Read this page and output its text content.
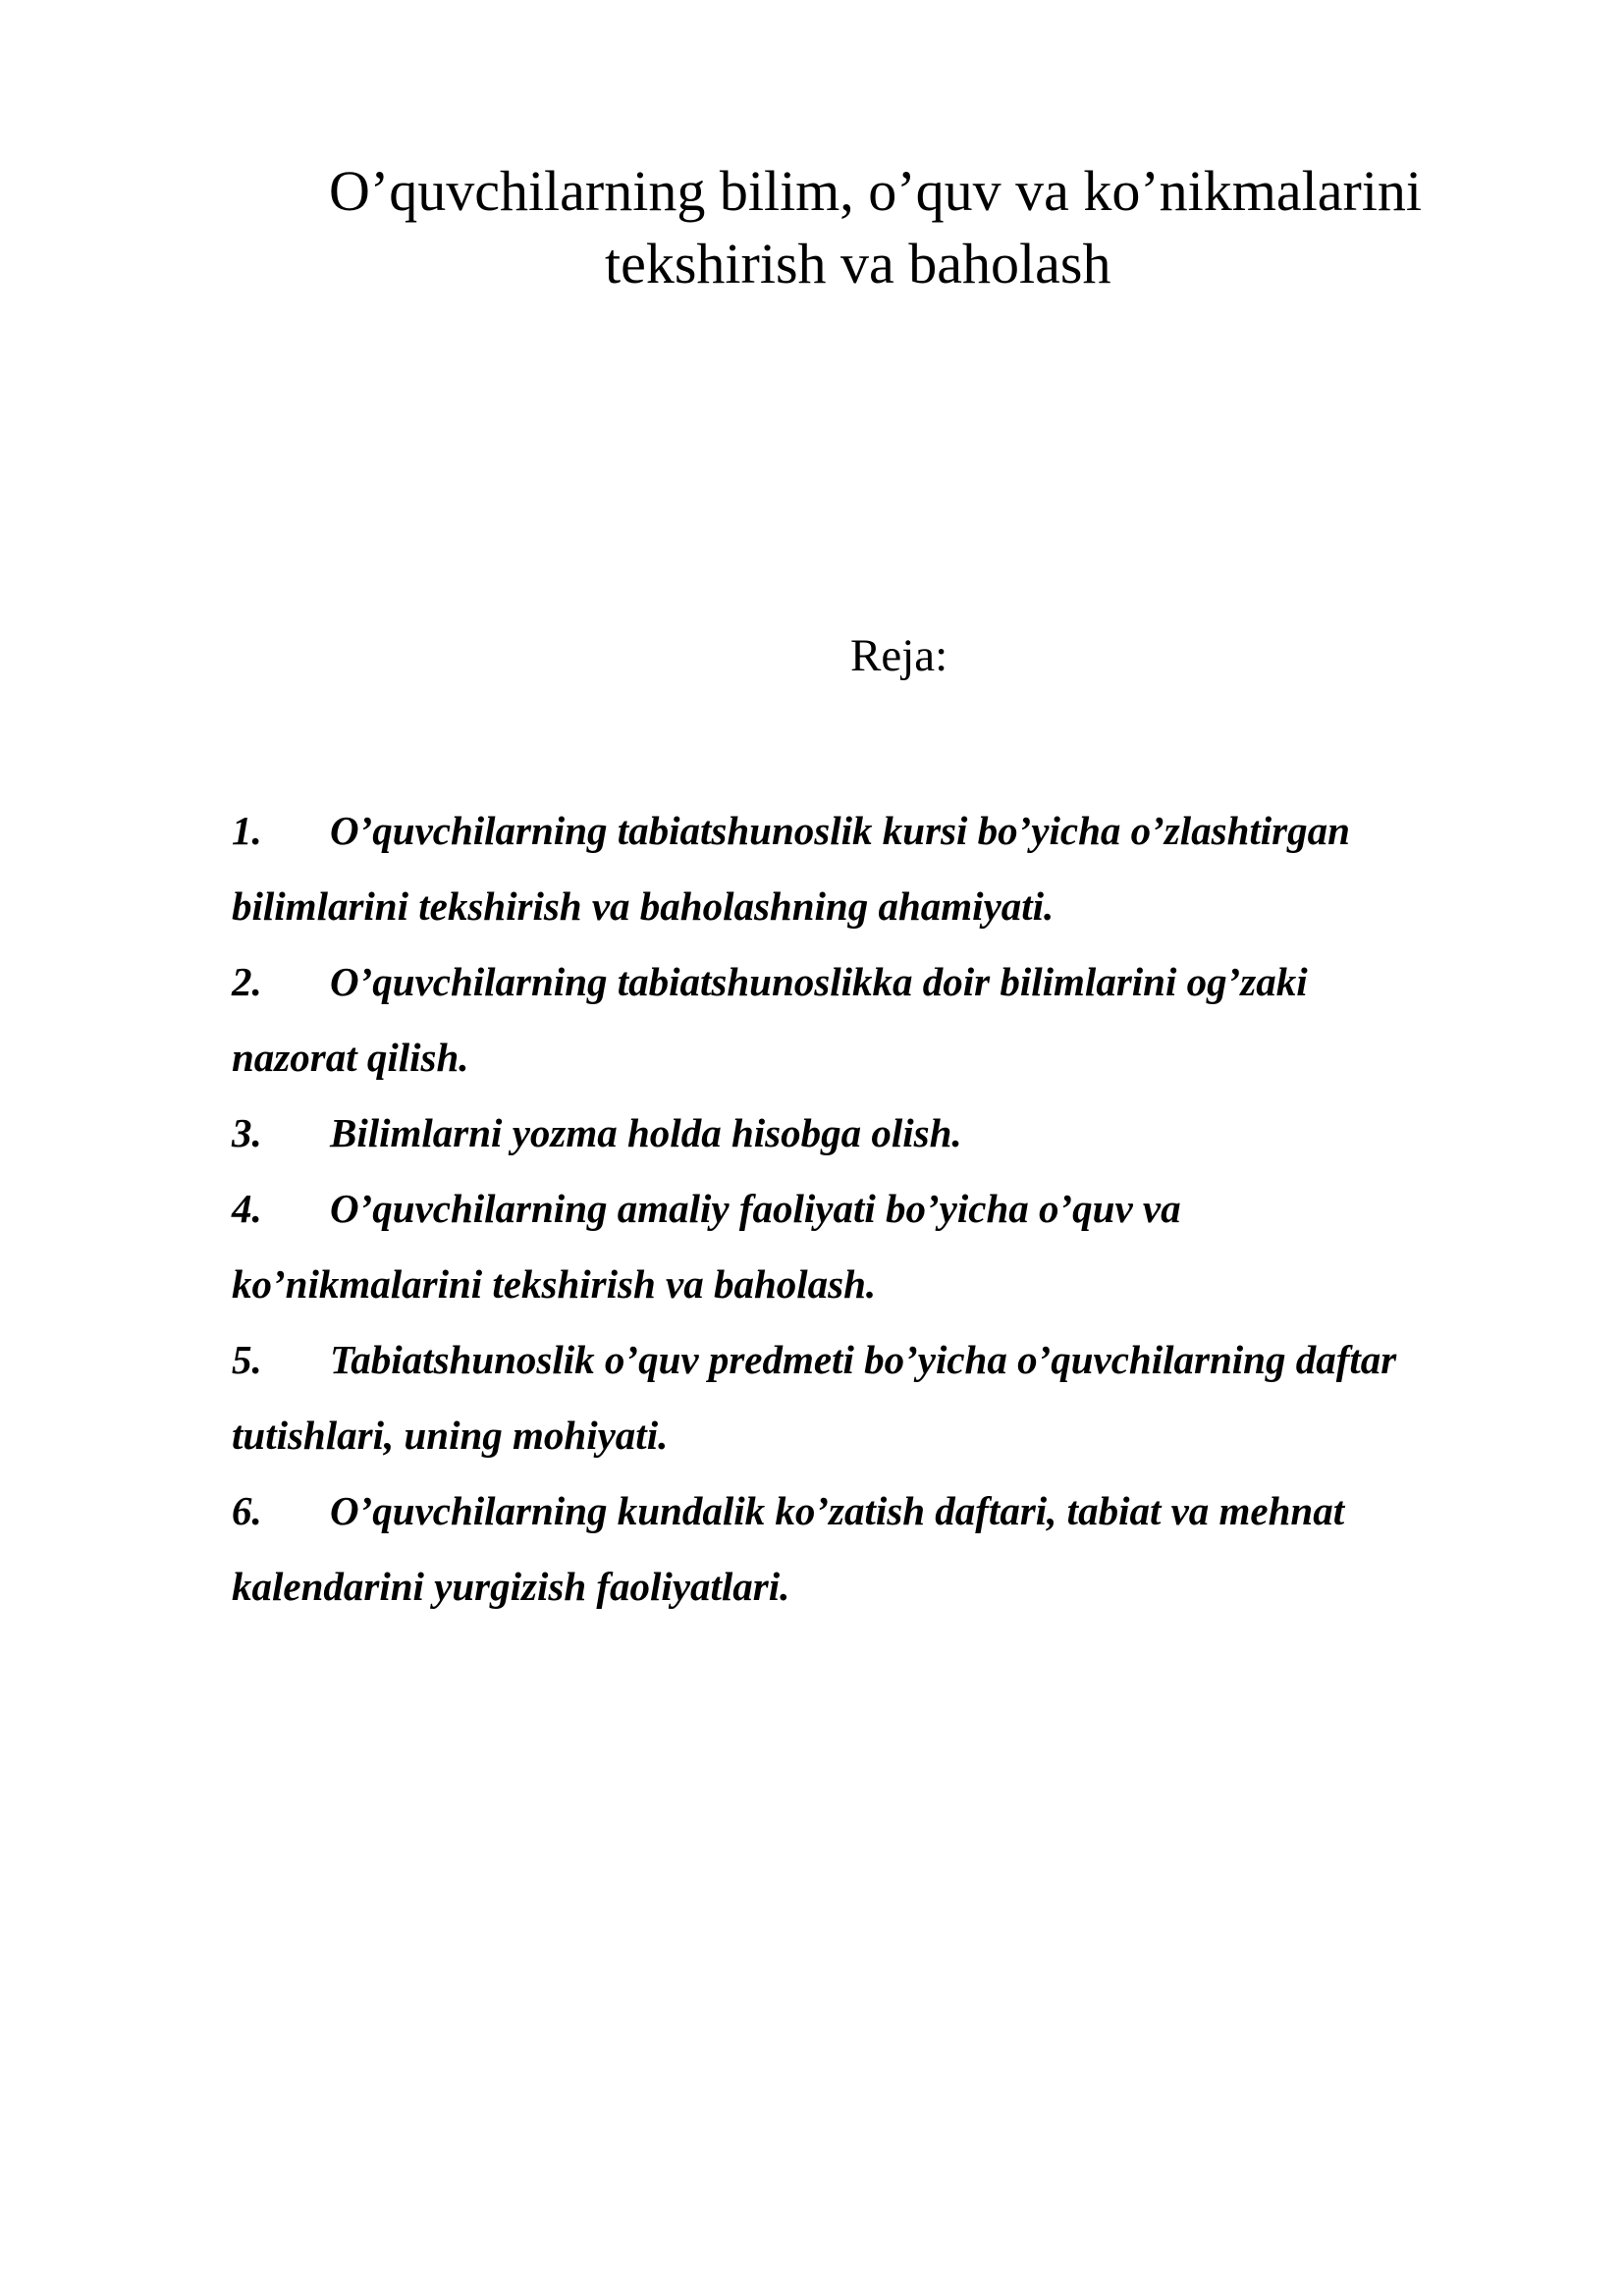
O’quvchilarning bilim, o’quv va ko’nikmalarini
tekshirish va baholash
Reja:
1. O’quvchilarning tabiatshunoslik kursi bo’yicha o’zlashtirgan
bilimlarini tekshirish va baholashning ahamiyati.
2. O’quvchilarning tabiatshunoslikka doir bilimlarini og’zaki
nazorat qilish.
3. Bilimlarni yozma holda hisobga olish.
4. O’quvchilarning amaliy faoliyati bo’yicha o’quv va
ko’nikmalarini tekshirish va baholash.
5. Tabiatshunoslik o’quv predmeti bo’yicha o’quvchilarning daftar
tutishlari, uning mohiyati.
6. O’quvchilarning kundalik ko’zatish daftari, tabiat va mehnat
kalendarini yurgizish faoliyatlari.
